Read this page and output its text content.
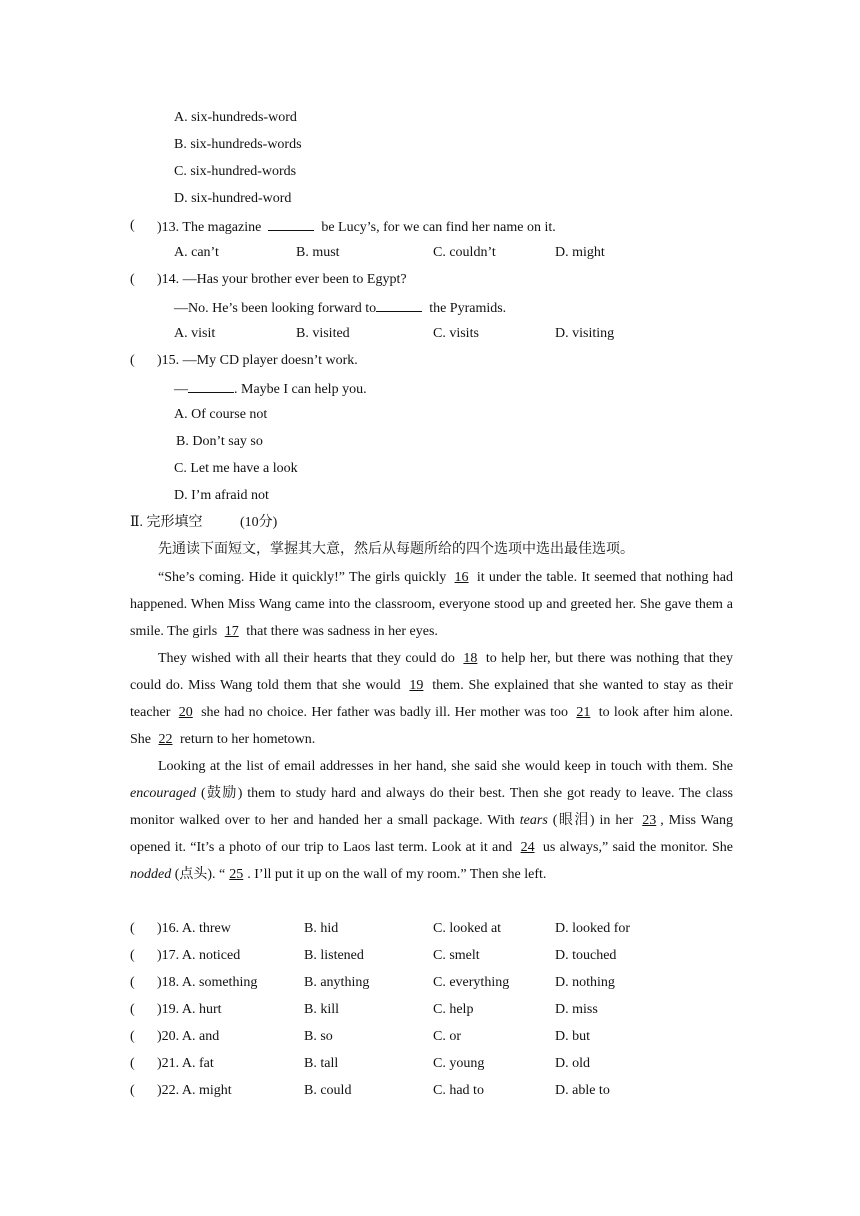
A. six-hundreds-word
B. six-hundreds-words
C. six-hundred-words
D. six-hundred-word
( )13. The magazine	be Lucy’s, for we can find her name on it.
A. can’t	B. must	C. couldn’t	D. might
( )14. —Has your brother ever been to Egypt?
—No. He’s been looking forward to	the Pyramids.
A. visit	B. visited	C. visits	D. visiting
( )15. —My CD player doesn’t work.
—	. Maybe I can help you.
A. Of course not
B. Don’t say so
C. Let me have a look
D. I’m afraid not
Ⅱ. 完形填空	(10分)
先通读下面短文，掌握其大意，然后从每题所给的四个选项中选出最佳选项。
“She’s coming. Hide it quickly!” The girls quickly 16 it under the table. It seemed that nothing had happened. When Miss Wang came into the classroom, everyone stood up and greeted her. She gave them a smile. The girls 17 that there was sadness in her eyes.
They wished with all their hearts that they could do 18 to help her, but there was nothing that they could do. Miss Wang told them that she would 19 them. She explained that she wanted to stay as their teacher 20 she had no choice. Her father was badly ill. Her mother was too 21 to look after him alone. She 22 return to her hometown.
Looking at the list of email addresses in her hand, she said she would keep in touch with them. She encouraged (鼓励) them to study hard and always do their best. Then she got ready to leave. The class monitor walked over to her and handed her a small package. With tears (眼泪) in her 23 , Miss Wang opened it. “It’s a photo of our trip to Laos last term. Look at it and 24 us always,” said the monitor. She nodded (点头). “ 25 . I’ll put it up on the wall of my room.” Then she left.
( )16. A. threw	B. hid	C. looked at	D. looked for
( )17. A. noticed	B. listened	C. smelt	D. touched
( )18. A. something	B. anything	C. everything	D. nothing
( )19. A. hurt	B. kill	C. help	D. miss
( )20. A. and	B. so	C. or	D. but
( )21. A. fat	B. tall	C. young	D. old
( )22. A. might	B. could	C. had to	D. able to
